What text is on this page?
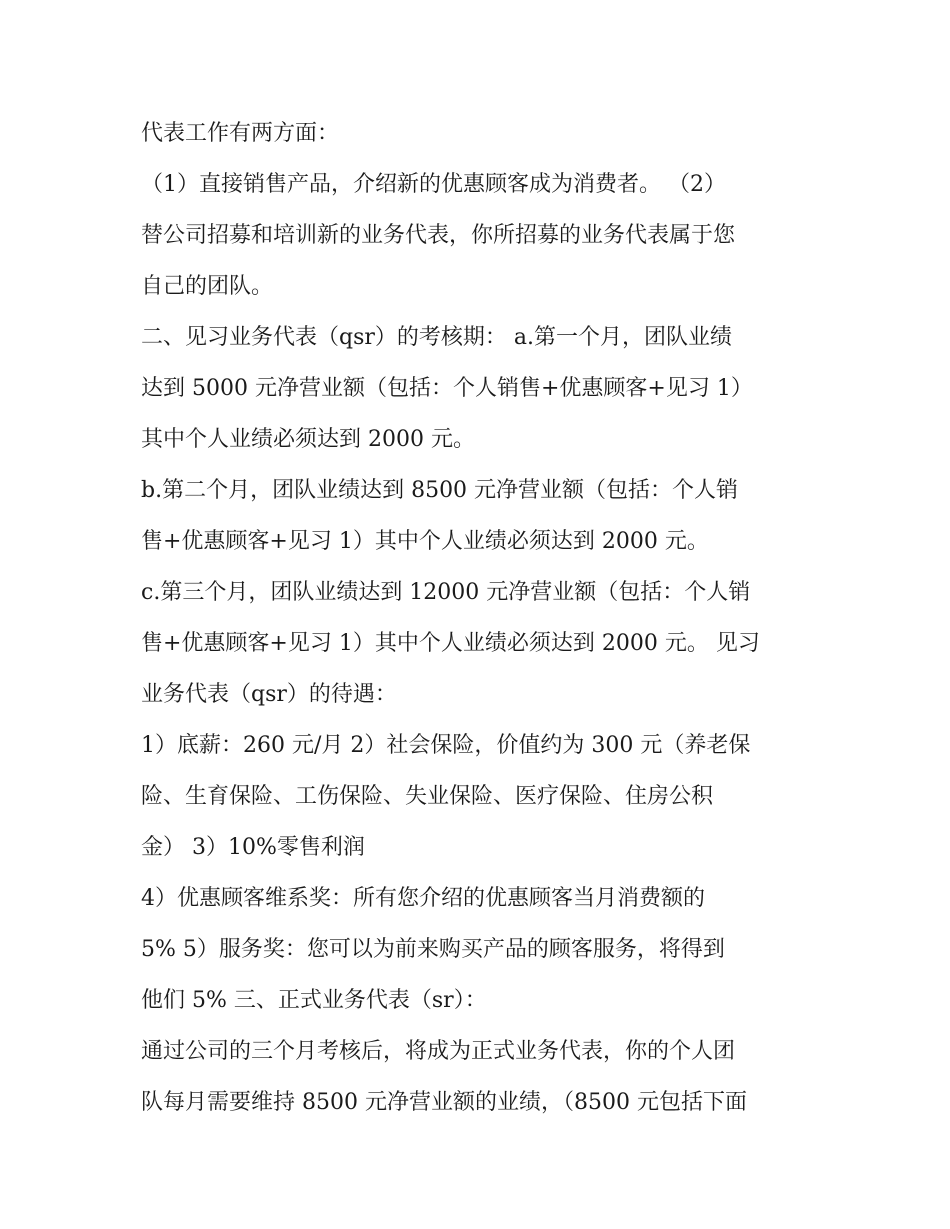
代表工作有两方面：
（1）直接销售产品，介绍新的优惠顾客成为消费者。 （2）
替公司招募和培训新的业务代表，你所招募的业务代表属于您
自己的团队。
二、见习业务代表（qsr）的考核期： a.第一个月，团队业绩
达到 5000 元净营业额（包括：个人销售+优惠顾客+见习 1）
其中个人业绩必须达到 2000 元。
b.第二个月，团队业绩达到 8500 元净营业额（包括：个人销
售+优惠顾客+见习 1）其中个人业绩必须达到 2000 元。
c.第三个月，团队业绩达到 12000 元净营业额（包括：个人销
售+优惠顾客+见习 1）其中个人业绩必须达到 2000 元。 见习
业务代表（qsr）的待遇：
1）底薪：260 元/月 2）社会保险，价值约为 300 元（养老保
险、生育保险、工伤保险、失业保险、医疗保险、住房公积
金） 3）10%零售利润
4）优惠顾客维系奖：所有您介绍的优惠顾客当月消费额的
5% 5）服务奖：您可以为前来购买产品的顾客服务，将得到
他们 5% 三、正式业务代表（sr）：
通过公司的三个月考核后，将成为正式业务代表，你的个人团
队每月需要维持 8500 元净营业额的业绩，（8500 元包括下面
